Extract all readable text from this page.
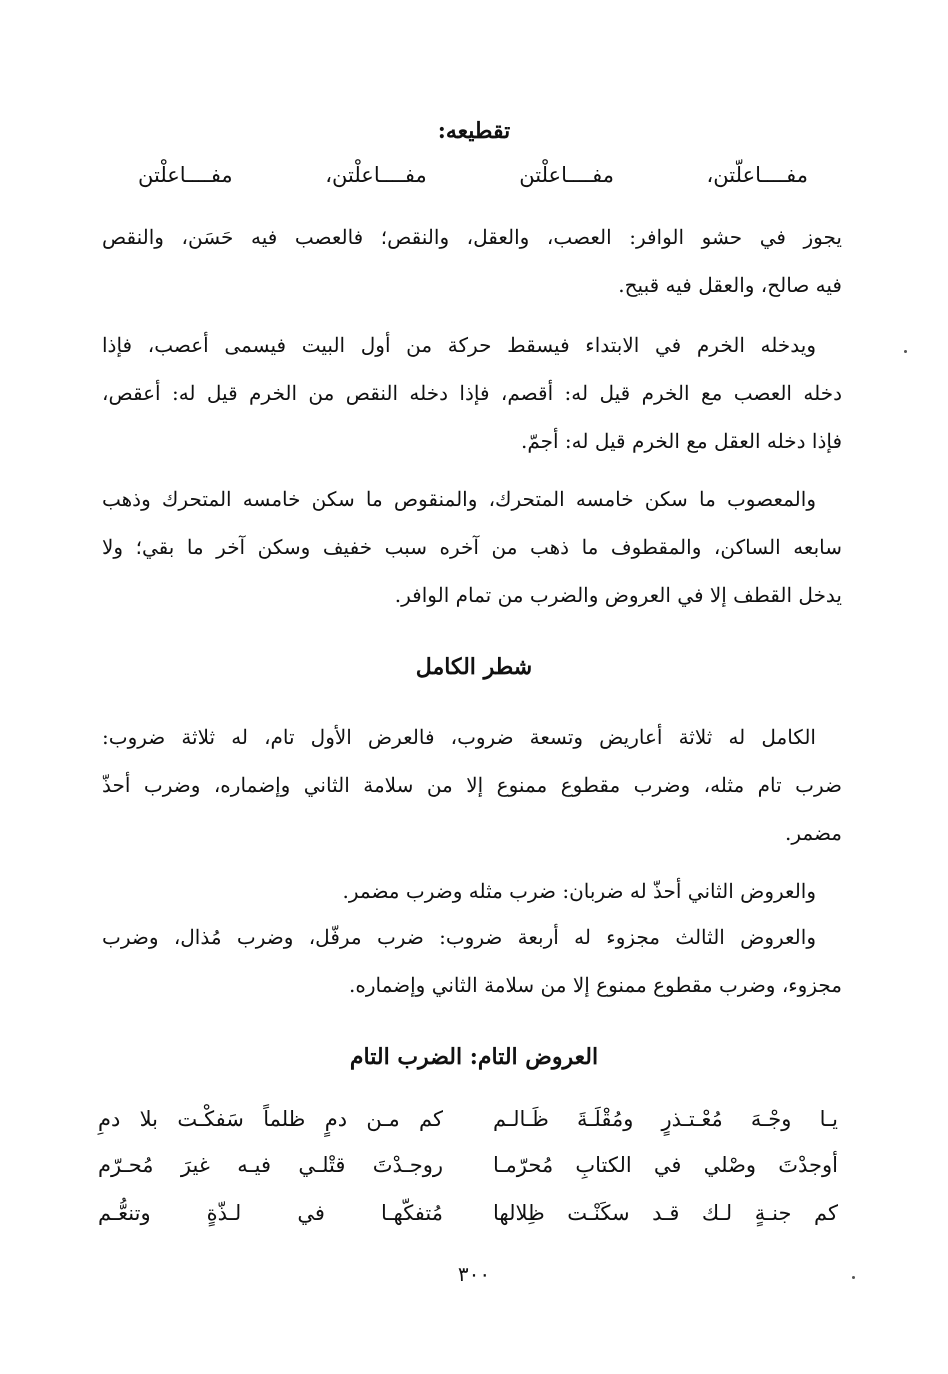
تقطيعه:
مفــــاعلّتن،
مفــــاعلْتن
مفــــاعلْتن،
مفــــاعلْتن
يجوز في حشو الوافر: العصب، والعقل، والنقص؛ فالعصب فيه حَسَن، والنقص
فيه صالح، والعقل فيه قبيح.
ويدخله الخرم في الابتداء فيسقط حركة من أول البيت فيسمى أعصب، فإذا
دخله العصب مع الخرم قيل له: أقصم، فإذا دخله النقص من الخرم قيل له: أعقص،
فإذا دخله العقل مع الخرم قيل له: أجمّ.
والمعصوب ما سكن خامسه المتحرك، والمنقوص ما سكن خامسه المتحرك وذهب
سابعه الساكن، والمقطوف ما ذهب من آخره سبب خفيف وسكن آخر ما بقي؛ ولا
يدخل القطف إلا في العروض والضرب من تمام الوافر.
شطر الكامل
الكامل له ثلاثة أعاريض وتسعة ضروب، فالعرض الأول تام، له ثلاثة ضروب:
ضرب تام مثله، وضرب مقطوع ممنوع إلا من سلامة الثاني وإضماره، وضرب أحذّ
مضمر.
والعروض الثاني أحذّ له ضربان: ضرب مثله وضرب مضمر.
والعروض الثالث مجزوء له أربعة ضروب: ضرب مرفّل، وضرب مُذال، وضرب
مجزوء، وضرب مقطوع ممنوع إلا من سلامة الثاني وإضماره.
العروض التام: الضرب التام
يـا وجْـهَ مُعْـتـذرٍ ومُقْلَـةَ ظَـالـم
كم مـن دمٍ ظلماً سَفكْـت بلا دمِ
أوجدْتَ وصْلي في الكتابِ مُحرّمـا
روجـدْتَ قتْلـي فيـه غيرَ مُحـرّم
كم جنـةٍ لـك قـد سكَنْـت ظِلالها
مُتفكّهـا في لـذّةٍ وتنعُّـم
٣٠٠
